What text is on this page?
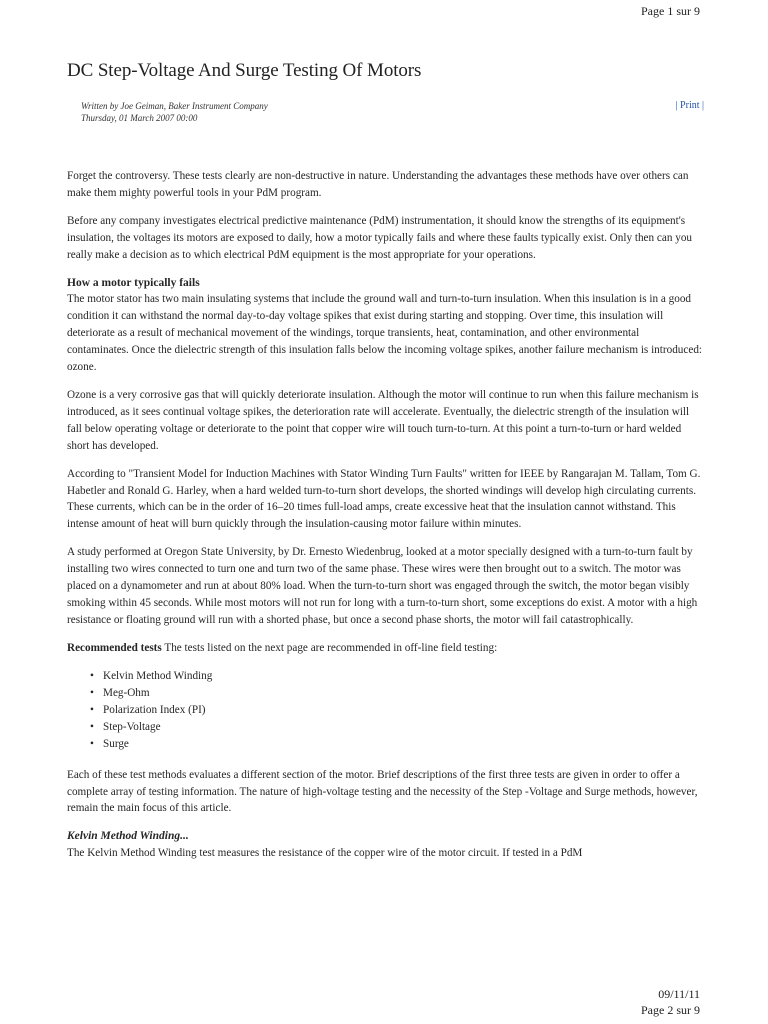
Page 1 sur 9
DC Step-Voltage And Surge Testing Of Motors
Written by Joe Geiman, Baker Instrument Company
Thursday, 01 March 2007 00:00
| Print |

Forget the controversy. These tests clearly are non-destructive in nature. Understanding the advantages these methods have over others can make them mighty powerful tools in your PdM program.

Before any company investigates electrical predictive maintenance (PdM) instrumentation, it should know the strengths of its equipment's insulation, the voltages its motors are exposed to daily, how a motor typically fails and where these faults typically exist. Only then can you really make a decision as to which electrical PdM equipment is the most appropriate for your operations.

How a motor typically fails

The motor stator has two main insulating systems that include the ground wall and turn-to-turn insulation. When this insulation is in a good condition it can withstand the normal day-to-day voltage spikes that exist during starting and stopping. Over time, this insulation will deteriorate as a result of mechanical movement of the windings, torque transients, heat, contamination, and other environmental contaminates. Once the dielectric strength of this insulation falls below the incoming voltage spikes, another failure mechanism is introduced: ozone.

Ozone is a very corrosive gas that will quickly deteriorate insulation. Although the motor will continue to run when this failure mechanism is introduced, as it sees continual voltage spikes, the deterioration rate will accelerate. Eventually, the dielectric strength of the insulation will fall below operating voltage or deteriorate to the point that copper wire will touch turn-to-turn. At this point a turn-to-turn or hard welded short has developed.

According to "Transient Model for Induction Machines with Stator Winding Turn Faults" written for IEEE by Rangarajan M. Tallam, Tom G. Habetler and Ronald G. Harley, when a hard welded turn-to-turn short develops, the shorted windings will develop high circulating currents. These currents, which can be in the order of 16–20 times full-load amps, create excessive heat that the insulation cannot withstand. This intense amount of heat will burn quickly through the insulation-causing motor failure within minutes.

A study performed at Oregon State University, by Dr. Ernesto Wiedenbrug, looked at a motor specially designed with a turn-to-turn fault by installing two wires connected to turn one and turn two of the same phase. These wires were then brought out to a switch. The motor was placed on a dynamometer and run at about 80% load. When the turn-to-turn short was engaged through the switch, the motor began visibly smoking within 45 seconds. While most motors will not run for long with a turn-to-turn short, some exceptions do exist. A motor with a high resistance or floating ground will run with a shorted phase, but once a second phase shorts, the motor will fail catastrophically.

Recommended tests The tests listed on the next page are recommended in off-line field testing:

• Kelvin Method Winding
• Meg-Ohm
• Polarization Index (PI)
• Step-Voltage
• Surge

Each of these test methods evaluates a different section of the motor. Brief descriptions of the first three tests are given in order to offer a complete array of testing information. The nature of high-voltage testing and the necessity of the Step -Voltage and Surge methods, however, remain the main focus of this article.

Kelvin Method Winding...

The Kelvin Method Winding test measures the resistance of the copper wire of the motor circuit. If tested in a PdM

09/11/11
Page 2 sur 9
